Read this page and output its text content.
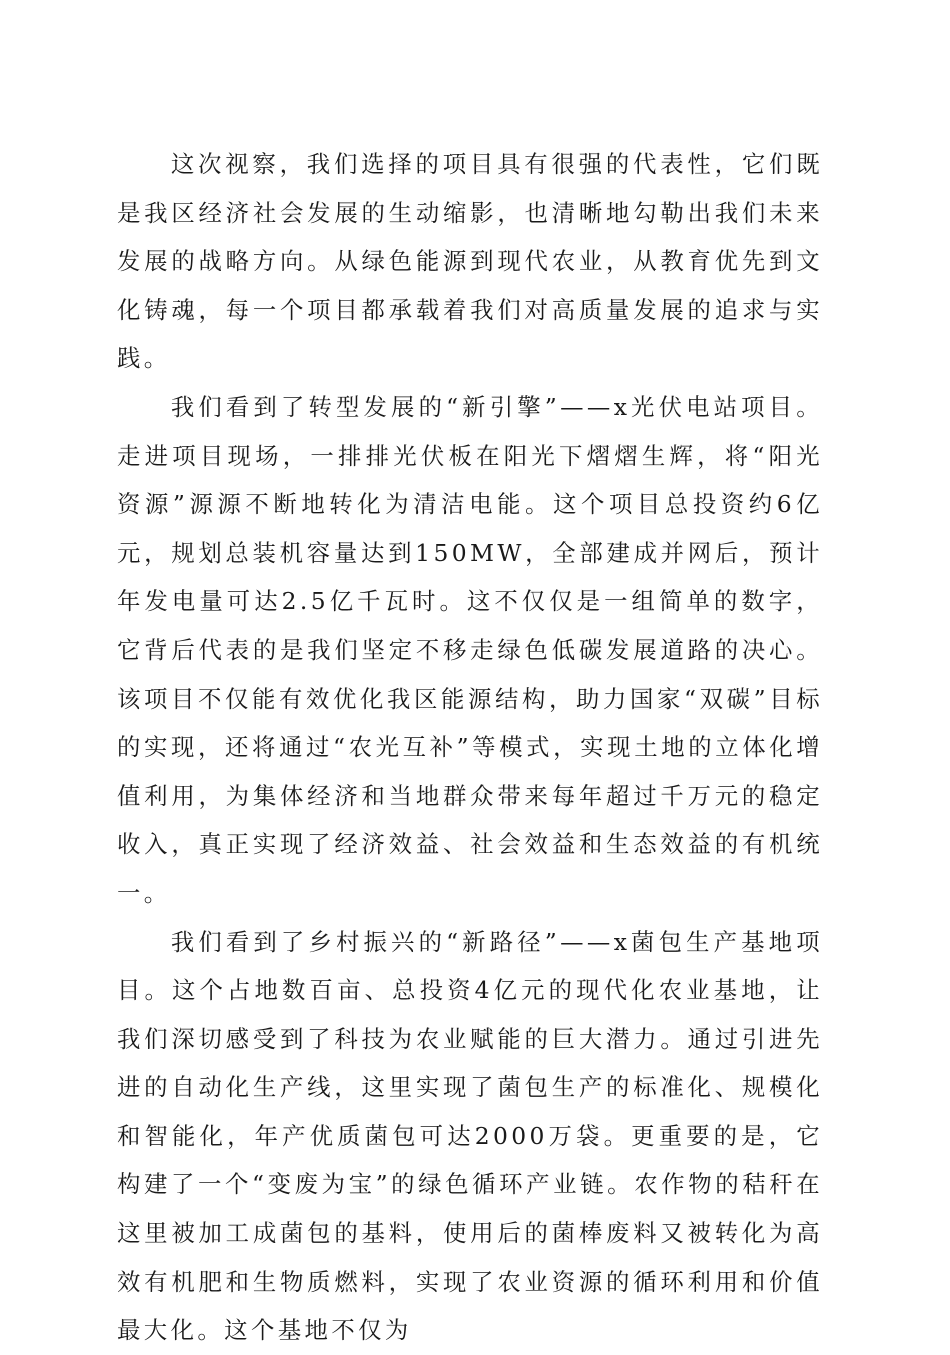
这次视察，我们选择的项目具有很强的代表性，它们既是我区经济社会发展的生动缩影，也清晰地勾勒出我们未来发展的战略方向。从绿色能源到现代农业，从教育优先到文化铸魂，每一个项目都承载着我们对高质量发展的追求与实践。

我们看到了转型发展的“新引擎”——x光伏电站项目。走进项目现场，一排排光伏板在阳光下熠熠生辉，将“阳光资源”源源不断地转化为清洁电能。这个项目总投资约6亿元，规划总装机容量达到150MW，全部建成并网后，预计年发电量可达2.5亿千瓦时。这不仅仅是一组简单的数字，它背后代表的是我们坚定不移走绿色低碳发展道路的决心。该项目不仅能有效优化我区能源结构，助力国家“双碳”目标的实现，还将通过“农光互补”等模式，实现土地的立体化增值利用，为集体经济和当地群众带来每年超过千万元的稳定收入，真正实现了经济效益、社会效益和生态效益的有机统一。

我们看到了乡村振兴的“新路径”——x菌包生产基地项目。这个占地数百亩、总投资4亿元的现代化农业基地，让我们深切感受到了科技为农业赋能的巨大潜力。通过引进先进的自动化生产线，这里实现了菌包生产的标准化、规模化和智能化，年产优质菌包可达2000万袋。更重要的是，它构建了一个“变废为宝”的绿色循环产业链。农作物的秸秆在这里被加工成菌包的基料，使用后的菌棒废料又被转化为高效有机肥和生物质燃料，实现了农业资源的循环利用和价值最大化。这个基地不仅为
